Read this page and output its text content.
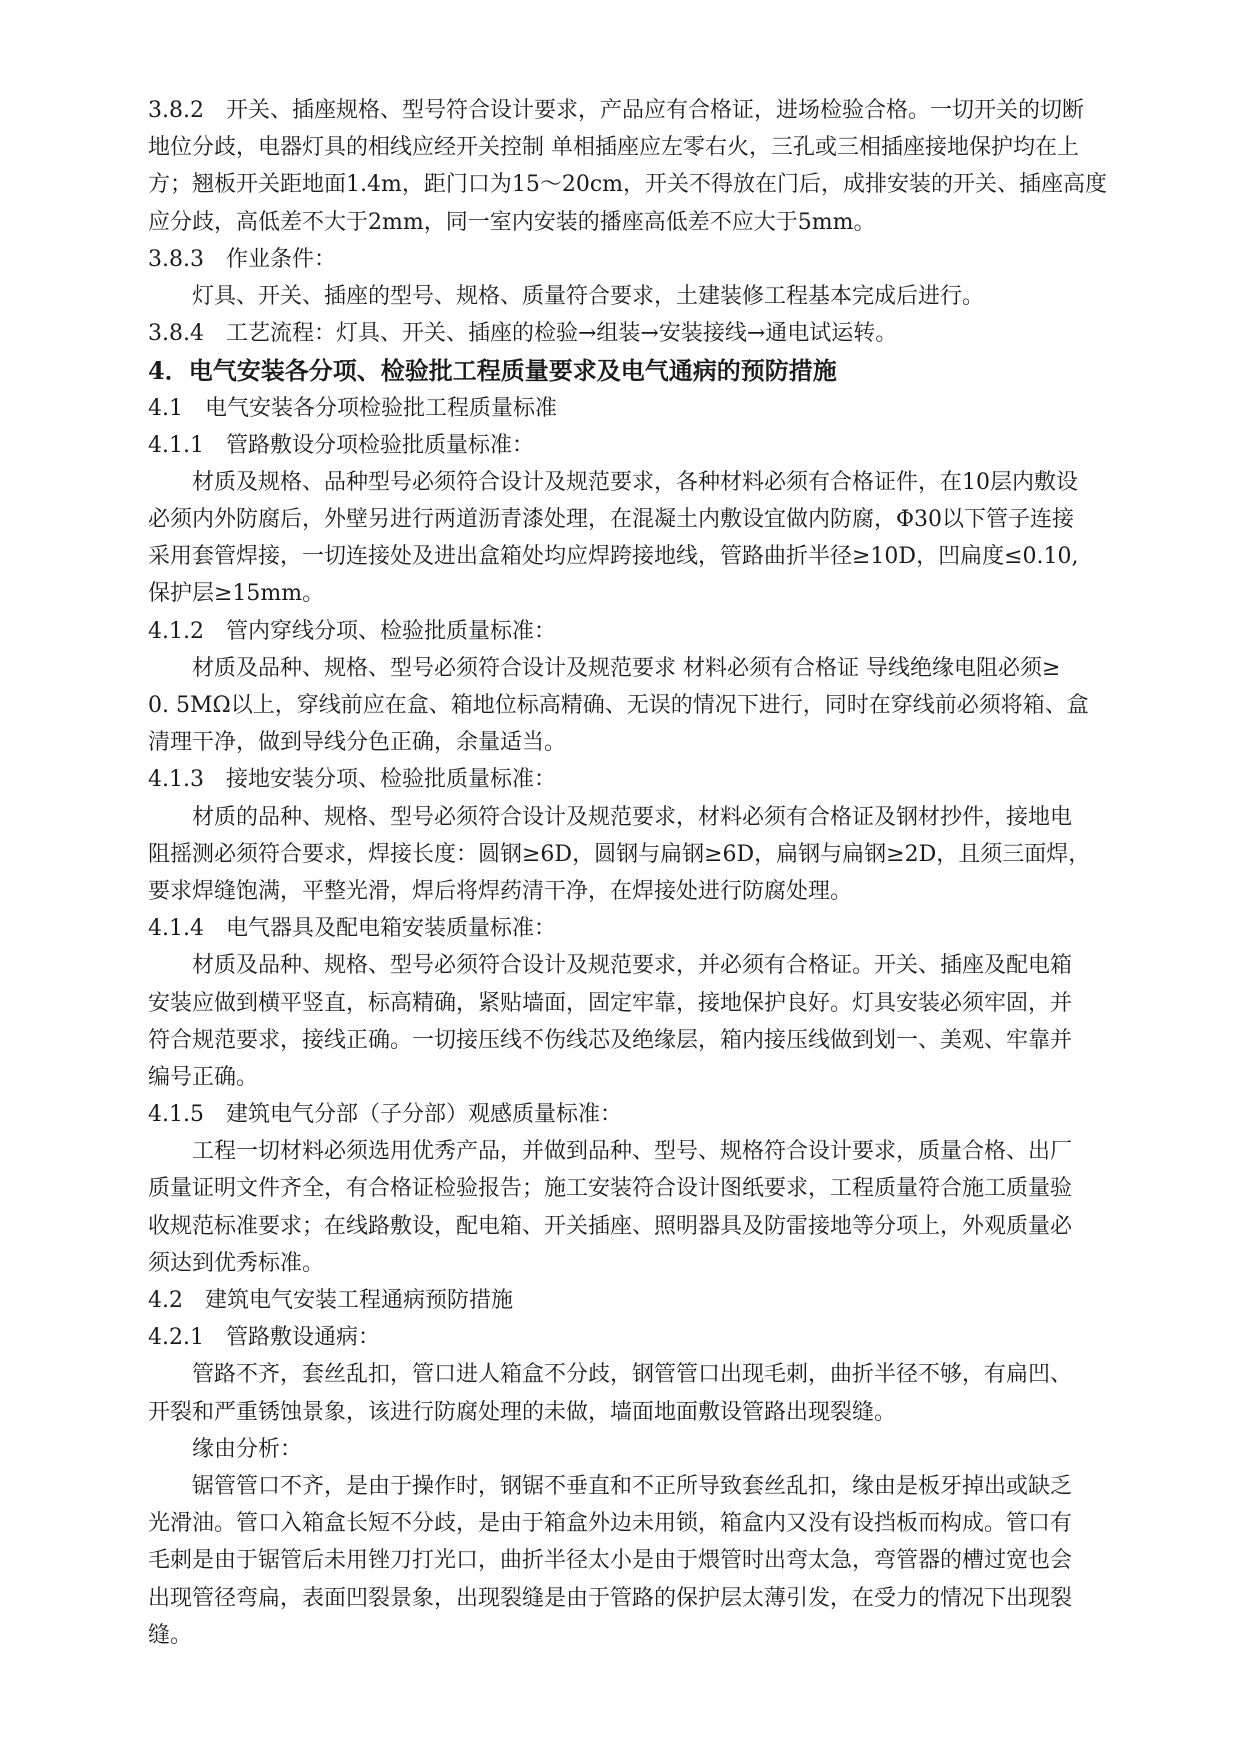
3.8.2　开关、插座规格、型号符合设计要求，产品应有合格证，进场检验合格。一切开关的切断
地位分歧，电器灯具的相线应经开关控制 单相插座应左零右火，三孔或三相插座接地保护均在上
方；翘板开关距地面1.4m，距门口为15～20cm，开关不得放在门后，成排安装的开关、插座高度
应分歧，高低差不大于2mm，同一室内安装的播座高低差不应大于5mm。
3.8.3　作业条件：
灯具、开关、插座的型号、规格、质量符合要求，土建装修工程基本完成后进行。
3.8.4　工艺流程：灯具、开关、插座的检验→组装→安装接线→通电试运转。
4．电气安装各分项、检验批工程质量要求及电气通病的预防措施
4.1　电气安装各分项检验批工程质量标准
4.1.1　管路敷设分项检验批质量标准：
材质及规格、品种型号必须符合设计及规范要求，各种材料必须有合格证件，在10层内敷设
必须内外防腐后，外壁另进行两道沥青漆处理，在混凝土内敷设宜做内防腐，Φ30以下管子连接
采用套管焊接，一切连接处及进出盒箱处均应焊跨接地线，管路曲折半径≥10D，凹扁度≤0.10,
保护层≥15mm。
4.1.2　管内穿线分项、检验批质量标准：
材质及品种、规格、型号必须符合设计及规范要求 材料必须有合格证 导线绝缘电阻必须≥
0. 5MΩ以上，穿线前应在盒、箱地位标高精确、无误的情况下进行，同时在穿线前必须将箱、盒
清理干净，做到导线分色正确，余量适当。
4.1.3　接地安装分项、检验批质量标准：
材质的品种、规格、型号必须符合设计及规范要求，材料必须有合格证及钢材抄件，接地电
阻摇测必须符合要求，焊接长度：圆钢≥6D，圆钢与扁钢≥6D，扁钢与扁钢≥2D，且须三面焊，
要求焊缝饱满，平整光滑，焊后将焊药清干净，在焊接处进行防腐处理。
4.1.4　电气器具及配电箱安装质量标准：
材质及品种、规格、型号必须符合设计及规范要求，并必须有合格证。开关、插座及配电箱
安装应做到横平竖直，标高精确，紧贴墙面，固定牢靠，接地保护良好。灯具安装必须牢固，并
符合规范要求，接线正确。一切接压线不伤线芯及绝缘层，箱内接压线做到划一、美观、牢靠并
编号正确。
4.1.5　建筑电气分部（子分部）观感质量标准：
工程一切材料必须选用优秀产品，并做到品种、型号、规格符合设计要求，质量合格、出厂
质量证明文件齐全，有合格证检验报告；施工安装符合设计图纸要求，工程质量符合施工质量验
收规范标准要求；在线路敷设，配电箱、开关插座、照明器具及防雷接地等分项上，外观质量必
须达到优秀标准。
4.2　建筑电气安装工程通病预防措施
4.2.1　管路敷设通病：
管路不齐，套丝乱扣，管口进人箱盒不分歧，钢管管口出现毛刺，曲折半径不够，有扁凹、
开裂和严重锈蚀景象，该进行防腐处理的未做，墙面地面敷设管路出现裂缝。
缘由分析：
锯管管口不齐，是由于操作时，钢锯不垂直和不正所导致套丝乱扣，缘由是板牙掉出或缺乏
光滑油。管口入箱盒长短不分歧，是由于箱盒外边未用锁，箱盒内又没有设挡板而构成。管口有
毛刺是由于锯管后未用锉刀打光口，曲折半径太小是由于煨管时出弯太急，弯管器的槽过宽也会
出现管径弯扁，表面凹裂景象，出现裂缝是由于管路的保护层太薄引发，在受力的情况下出现裂
缝。
